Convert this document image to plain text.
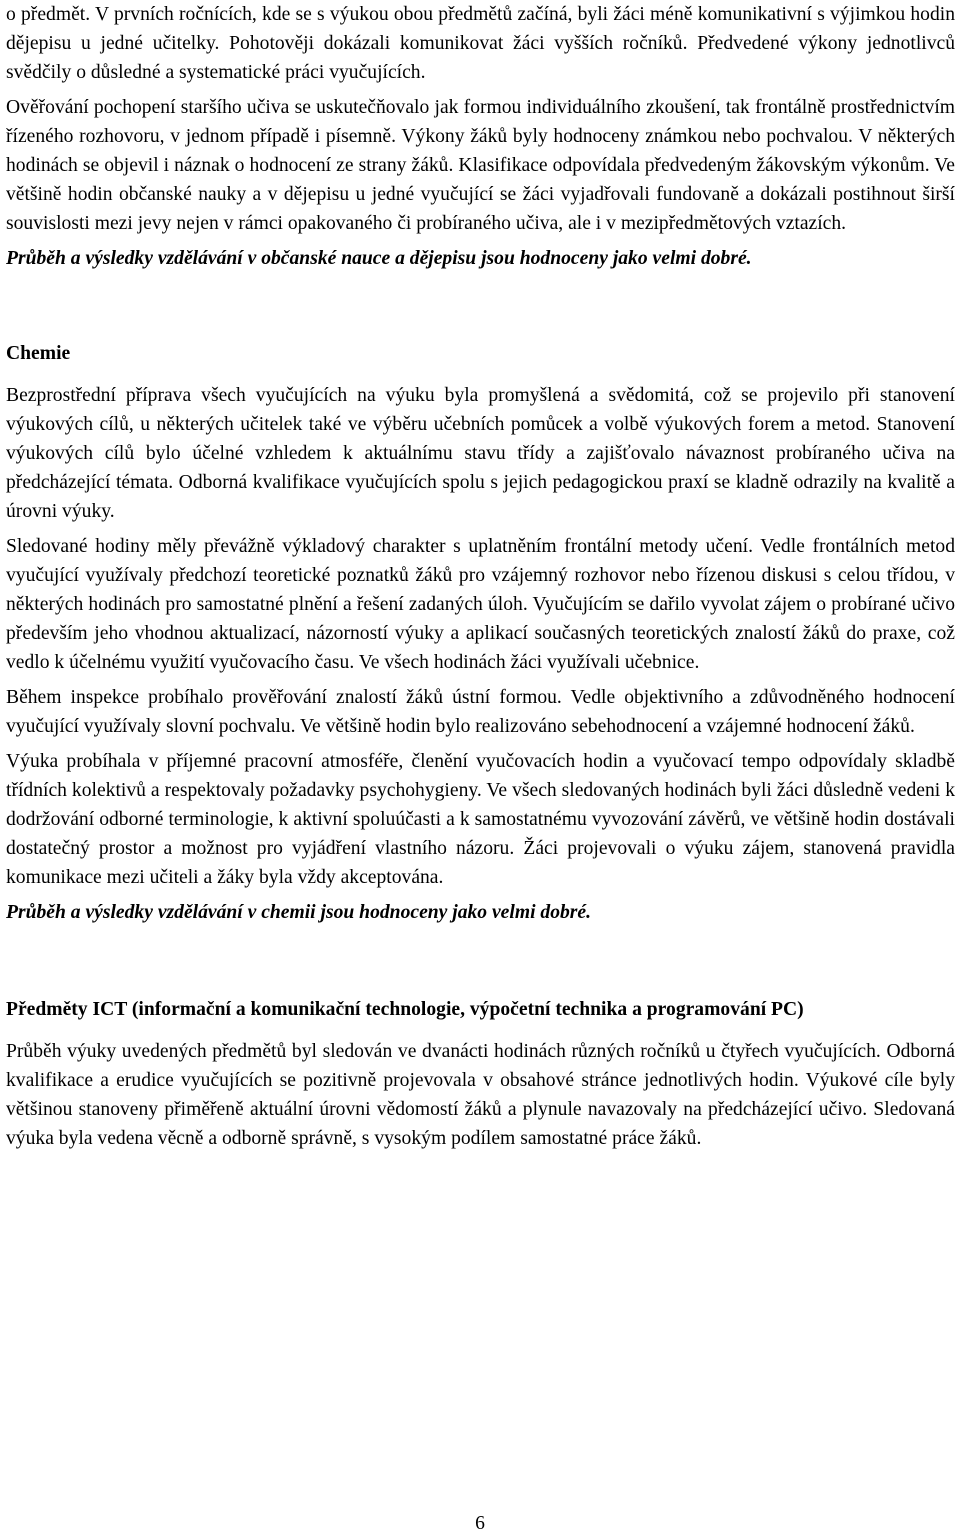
o předmět. V prvních ročnících, kde se s výukou obou předmětů začíná, byli žáci méně komunikativní s výjimkou hodin dějepisu u jedné učitelky. Pohotověji dokázali komunikovat žáci vyšších ročníků. Předvedené výkony jednotlivců svědčily o důsledné a systematické práci vyučujících.

Ověřování pochopení staršího učiva se uskutečňovalo jak formou individuálního zkoušení, tak frontálně prostřednictvím řízeného rozhovoru, v jednom případě i písemně. Výkony žáků byly hodnoceny známkou nebo pochvalou. V některých hodinách se objevil i náznak o hodnocení ze strany žáků. Klasifikace odpovídala předvedeným žákovským výkonům. Ve většině hodin občanské nauky a v dějepisu u jedné vyučující se žáci vyjadřovali fundovaně a dokázali postihnout širší souvislosti mezi jevy nejen v rámci opakovaného či probíraného učiva, ale i v mezipředmětových vztazích.

Průběh a výsledky vzdělávání v občanské nauce a dějepisu jsou hodnoceny jako velmi dobré.

Chemie

Bezprostřední příprava všech vyučujících na výuku byla promyšlená a svědomitá, což se projevilo při stanovení výukových cílů, u některých učitelek také ve výběru učebních pomůcek a volbě výukových forem a metod. Stanovení výukových cílů bylo účelné vzhledem k aktuálnímu stavu třídy a zajišťovalo návaznost probíraného učiva na předcházející témata. Odborná kvalifikace vyučujících spolu s jejich pedagogickou praxí se kladně odrazily na kvalitě a úrovni výuky.

Sledované hodiny měly převážně výkladový charakter s uplatněním frontální metody učení. Vedle frontálních metod vyučující využívaly předchozí teoretické poznatků žáků pro vzájemný rozhovor nebo řízenou diskusi s celou třídou, v některých hodinách pro samostatné plnění a řešení zadaných úloh. Vyučujícím se dařilo vyvolat zájem o probírané učivo především jeho vhodnou aktualizací, názorností výuky a aplikací současných teoretických znalostí žáků do praxe, což vedlo k účelnému využití vyučovacího času. Ve všech hodinách žáci využívali učebnice.

Během inspekce probíhalo prověřování znalostí žáků ústní formou. Vedle objektivního a zdůvodněného hodnocení vyučující využívaly slovní pochvalu. Ve většině hodin bylo realizováno sebehodnocení a vzájemné hodnocení žáků.

Výuka probíhala v příjemné pracovní atmosféře, členění vyučovacích hodin a vyučovací tempo odpovídaly skladbě třídních kolektivů a respektovaly požadavky psychohygieny. Ve všech sledovaných hodinách byli žáci důsledně vedeni k dodržování odborné terminologie, k aktivní spoluúčasti a k samostatnému vyvozování závěrů, ve většině hodin dostávali dostatečný prostor a možnost pro vyjádření vlastního názoru. Žáci projevovali o výuku zájem, stanovená pravidla komunikace mezi učiteli a žáky byla vždy akceptována.

Průběh a výsledky vzdělávání v chemii jsou hodnoceny jako velmi dobré.

Předměty ICT (informační a komunikační technologie, výpočetní technika a programování PC)

Průběh výuky uvedených předmětů byl sledován ve dvanácti hodinách různých ročníků u čtyřech vyučujících. Odborná kvalifikace a erudice vyučujících se pozitivně projevovala v obsahové stránce jednotlivých hodin. Výukové cíle byly většinou stanoveny přiměřeně aktuální úrovni vědomostí žáků a plynule navazovaly na předcházející učivo. Sledovaná výuka byla vedena věcně a odborně správně, s vysokým podílem samostatné práce žáků.

6
